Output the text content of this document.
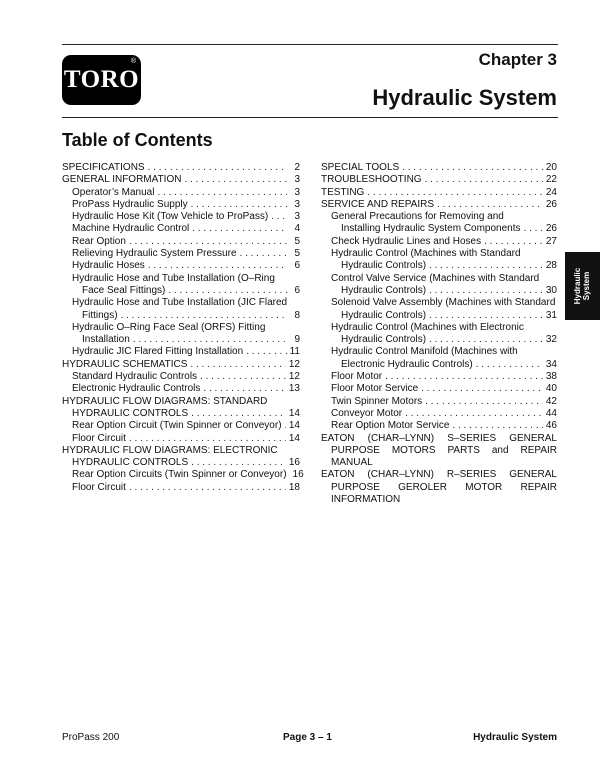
TORO
®	Chapter 3
Hydraulic System
Table of Contents
SPECIFICATIONS . . .	2
GENERAL INFORMATION . . .	3
Operator’s Manual . . .	3
ProPass Hydraulic Supply . . .	3
Hydraulic Hose Kit (Tow Vehicle to ProPass) . . .	3
Machine Hydraulic Control . . .	4
Rear Option . . .	5
Relieving Hydraulic System Pressure . . .	5
Hydraulic Hoses . . .	6
Hydraulic Hose and Tube Installation (O–Ring
Face Seal Fittings) . . .	6
Hydraulic Hose and Tube Installation (JIC Flared
Fittings) . . .	8
Hydraulic O–Ring Face Seal (ORFS) Fitting
Installation . . .	9
Hydraulic JIC Flared Fitting Installation . . .	11
HYDRAULIC SCHEMATICS . . .	12
Standard Hydraulic Controls . . .	12
Electronic Hydraulic Controls . . .	13
HYDRAULIC FLOW DIAGRAMS: STANDARD
HYDRAULIC CONTROLS . . .	14
Rear Option Circuit (Twin Spinner or Conveyor) . . . 14
Floor Circuit . . .	14
HYDRAULIC FLOW DIAGRAMS: ELECTRONIC
HYDRAULIC CONTROLS . . .	16
Rear Option Circuits (Twin Spinner or Conveyor) 16
Floor Circuit . . .	18
SPECIAL TOOLS . . .	20
TROUBLESHOOTING . . .	22
TESTING . . .	24
SERVICE AND REPAIRS . . .	26
General Precautions for Removing and
Installing Hydraulic System Components . . .	26
Check Hydraulic Lines and Hoses . . .	27
Hydraulic Control (Machines with Standard
Hydraulic Controls) . . .	28
Control Valve Service (Machines with Standard
Hydraulic Controls) . . .	30
Solenoid Valve Assembly (Machines with Standard
Hydraulic Controls) . . .	31
Hydraulic Control (Machines with Electronic
Hydraulic Controls) . . .	32
Hydraulic Control Manifold (Machines with
Electronic Hydraulic Controls) . . .	34
Floor Motor . . .	38
Floor Motor Service . . .	40
Twin Spinner Motors . . .	42
Conveyor Motor . . .	44
Rear Option Motor Service . . .	46
EATON (CHAR–LYNN) S–SERIES GENERAL
PURPOSE MOTORS PARTS and REPAIR MANUAL
EATON (CHAR–LYNN) R–SERIES GENERAL
PURPOSE GEROLER MOTOR REPAIR
INFORMATION
Hydraulic
System
ProPass 200	Page 3 – 1	Hydraulic System
